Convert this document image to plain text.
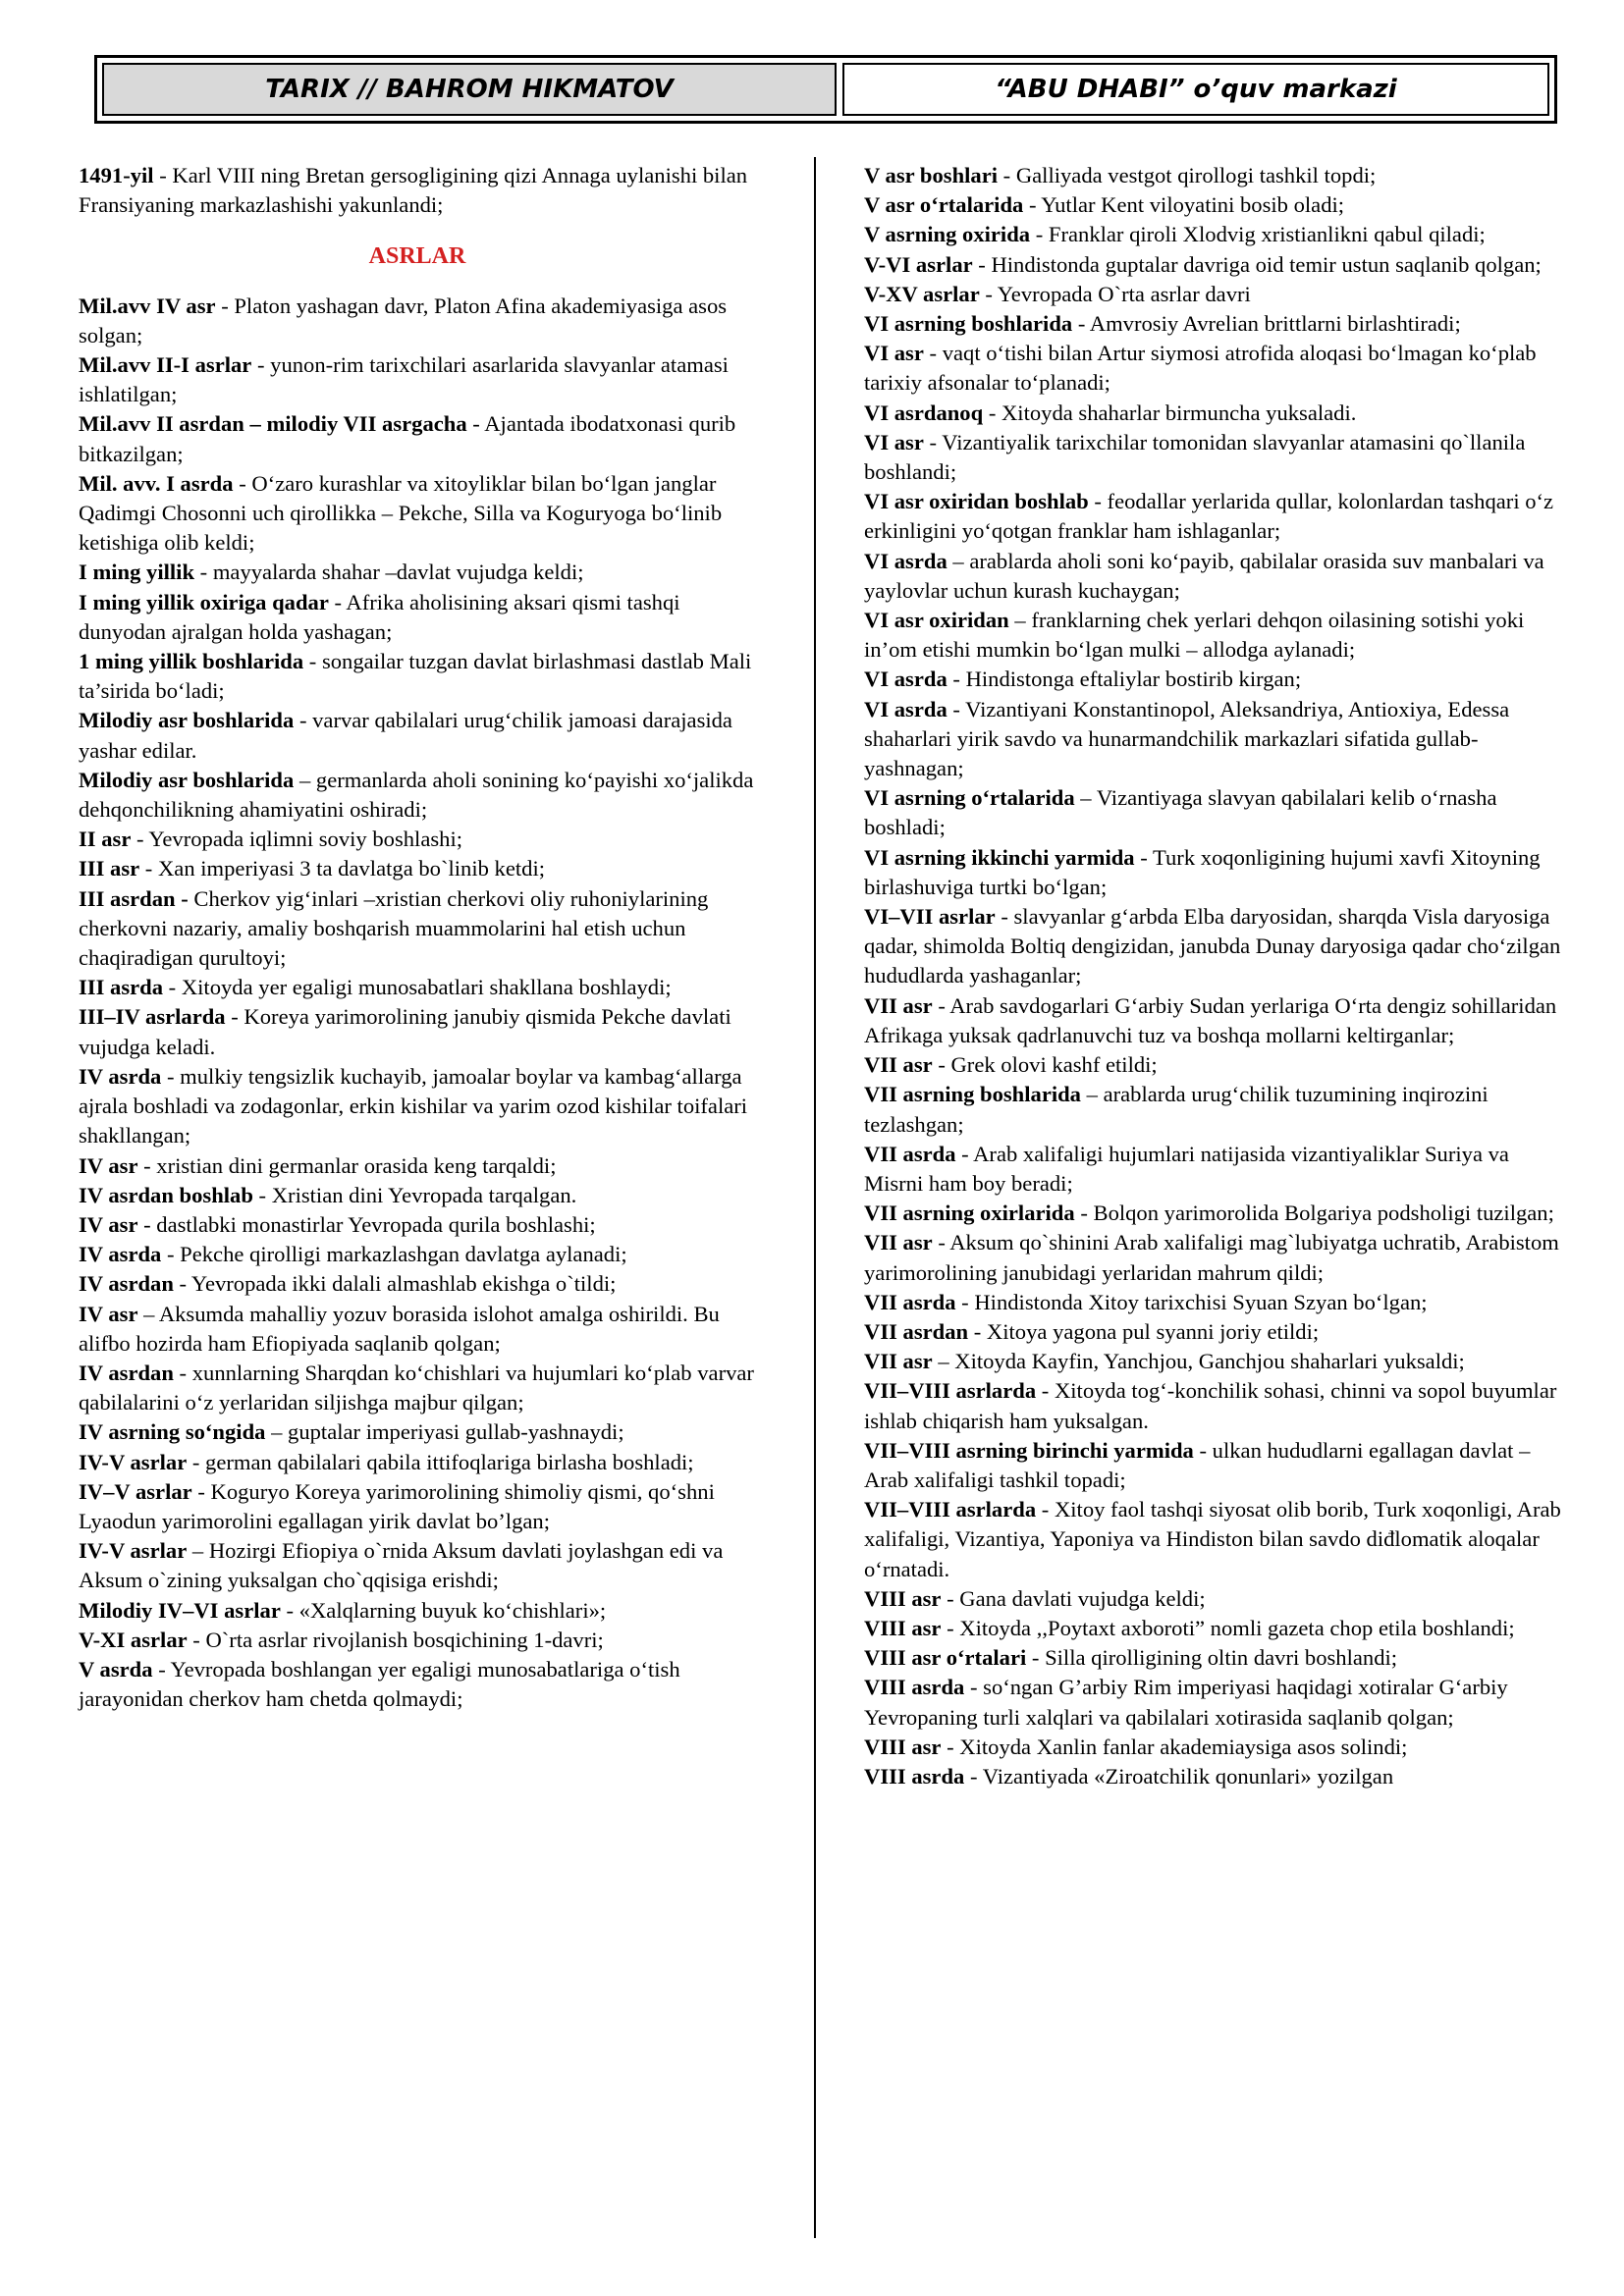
TARIX // BAHROM HIKMATOV	“ABU DHABI” o’quv markazi
1491-yil - Karl VIII ning Bretan gersogligining qizi Annaga uylanishi bilan Fransiyaning markazlashishi yakunlandi;
ASRLAR
Mil.avv IV asr - Platon yashagan davr, Platon Afina akademiyasiga asos solgan;
Mil.avv II-I asrlar - yunon-rim tarixchilari asarlarida slavyanlar atamasi ishlatilgan;
Mil.avv II asrdan – milodiy VII asrgacha - Ajantada ibodatxonasi qurib bitkazilgan;
Mil. avv. I asrda - O‘zaro kurashlar va xitoyliklar bilan bo‘lgan janglar Qadimgi Chosonni uch qirollikka – Pekche, Silla va Koguryoga bo‘linib ketishiga olib keldi;
I ming yillik - mayyalarda shahar –davlat vujudga keldi;
I ming yillik oxiriga qadar - Afrika aholisining aksari qismi tashqi dunyodan ajralgan holda yashagan;
1 ming yillik boshlarida - songailar tuzgan davlat birlashmasi dastlab Mali ta’sirida bo‘ladi;
Milodiy asr boshlarida - varvar qabilalari urug‘chilik jamoasi darajasida yashar edilar.
Milodiy asr boshlarida – germanlarda aholi sonining ko‘payishi xo‘jalikda dehqonchilikning ahamiyatini oshiradi;
II asr - Yevropada iqlimni soviy boshlashi;
III asr - Xan imperiyasi 3 ta davlatga bo`linib ketdi;
III asrdan - Cherkov yig‘inlari –xristian cherkovi oliy ruhoniylarining cherkovni nazariy, amaliy boshqarish muammolarini hal etish uchun chaqiradigan qurultoyi;
III asrda - Xitoyda yer egaligi munosabatlari shakllana boshlaydi;
III–IV asrlarda - Koreya yarimorolining janubiy qismida Pekche davlati vujudga keladi.
IV asrda - mulkiy tengsizlik kuchayib, jamoalar boylar va kambag‘allarga ajrala boshladi va zodagonlar, erkin kishilar va yarim ozod kishilar toifalari shakllangan;
IV asr - xristian dini germanlar orasida keng tarqaldi;
IV asrdan boshlab - Xristian dini Yevropada tarqalgan.
IV asr - dastlabki monastirlar Yevropada qurila boshlashi;
IV asrda - Pekche qirolligi markazlashgan davlatga aylanadi;
IV asrdan - Yevropada ikki dalali almashlab ekishga o`tildi;
IV asr – Aksumda mahalliy yozuv borasida islohot amalga oshirildi. Bu alifbo hozirda ham Efiopiyada saqlanib qolgan;
IV asrdan - xunnlarning Sharqdan ko‘chishlari va hujumlari ko‘plab varvar qabilalarini o‘z yerlaridan siljishga majbur qilgan;
IV asrning so‘ngida – guptalar imperiyasi gullab-yashnaydi;
IV-V asrlar - german qabilalari qabila ittifoqlariga birlasha boshladi;
IV–V asrlar - Koguryo Koreya yarimorolining shimoliy qismi, qo‘shni Lyaodun yarimorolini egallagan yirik davlat bo’lgan;
IV-V asrlar – Hozirgi Efiopiya o`rnida Aksum davlati joylashgan edi va Aksum o`zining yuksalgan cho`qqisiga erishdi;
Milodiy IV–VI asrlar - «Xalqlarning buyuk ko‘chishlari»;
V-XI asrlar - O`rta asrlar rivojlanish bosqichining 1-davri;
V asrda - Yevropada boshlangan yer egaligi munosabatlariga o‘tish jarayonidan cherkov ham chetda qolmaydi;
V asr boshlari - Galliyada vestgot qirollogi tashkil topdi;
V asr o‘rtalarida - Yutlar Kent viloyatini bosib oladi;
V asrning oxirida - Franklar qiroli Xlodvig xristianlikni qabul qiladi;
V-VI asrlar - Hindistonda guptalar davriga oid temir ustun saqlanib qolgan;
V-XV asrlar - Yevropada O`rta asrlar davri
VI asrning boshlarida - Amvrosiy Avrelian brittlarni birlashtiradi;
VI asr - vaqt o‘tishi bilan Artur siymosi atrofida aloqasi bo‘lmagan ko‘plab tarixiy afsonalar to‘planadi;
VI asrdanoq - Xitoyda shaharlar birmuncha yuksaladi.
VI asr - Vizantiyalik tarixchilar tomonidan slavyanlar atamasini qo`llanila boshlandi;
VI asr oxiridan boshlab - feodallar yerlarida qullar, kolonlardan tashqari o‘z erkinligini yo‘qotgan franklar ham ishlaganlar;
VI asrda – arablarda aholi soni ko‘payib, qabilalar orasida suv manbalari va yaylovlar uchun kurash kuchaygan;
VI asr oxiridan – franklarning chek yerlari dehqon oilasining sotishi yoki in’om etishi mumkin bo‘lgan mulki – allodga aylanadi;
VI asrda - Hindistonga eftaliylar bostirib kirgan;
VI asrda - Vizantiyani Konstantinopol, Aleksandriya, Antioxiya, Edessa shaharlari yirik savdo va hunarmandchilik markazlari sifatida gullab-yashnagan;
VI asrning o‘rtalarida – Vizantiyaga slavyan qabilalari kelib o‘rnasha boshladi;
VI asrning ikkinchi yarmida - Turk xoqonligining hujumi xavfi Xitoyning birlashuviga turtki bo‘lgan;
VI–VII asrlar - slavyanlar g‘arbda Elba daryosidan, sharqda Visla daryosiga qadar, shimolda Boltiq dengizidan, janubda Dunay daryosiga qadar cho‘zilgan hududlarda yashaganlar;
VII asr - Arab savdogarlari G‘arbiy Sudan yerlariga O‘rta dengiz sohillaridan Afrikaga yuksak qadrlanuvchi tuz va boshqa mollarni keltirganlar;
VII asr - Grek olovi kashf etildi;
VII asrning boshlarida – arablarda urug‘chilik tuzumining inqirozini tezlashgan;
VII asrda - Arab xalifaligi hujumlari natijasida vizantiyaliklar Suriya va Misrni ham boy beradi;
VII asrning oxirlarida - Bolqon yarimorolida Bolgariya podsholigi tuzilgan;
VII asr - Aksum qo`shinini Arab xalifaligi mag`lubiyatga uchratib, Arabistom yarimorolining janubidagi yerlaridan mahrum qildi;
VII asrda - Hindistonda Xitoy tarixchisi Syuan Szyan bo‘lgan;
VII asrdan - Xitoya yagona pul syanni joriy etildi;
VII asr – Xitoyda Kayfin, Yanchjou, Ganchjou shaharlari yuksaldi;
VII–VIII asrlarda - Xitoyda tog‘-konchilik sohasi, chinni va sopol buyumlar ishlab chiqarish ham yuksalgan.
VII–VIII asrning birinchi yarmida - ulkan hududlarni egallagan davlat – Arab xalifaligi tashkil topadi;
VII–VIII asrlarda - Xitoy faol tashqi siyosat olib borib, Turk xoqonligi, Arab xalifaligi, Vizantiya, Yaponiya va Hindiston bilan savdo diđlomatik aloqalar o‘rnatadi.
VIII asr - Gana davlati vujudga keldi;
VIII asr - Xitoyda ,,Poytaxt axboroti” nomli gazeta chop etila boshlandi;
VIII asr o‘rtalari - Silla qirolligining oltin davri boshlandi;
VIII asrda - so‘ngan G’arbiy Rim imperiyasi haqidagi xotiralar G‘arbiy Yevropaning turli xalqlari va qabilalari xotirasida saqlanib qolgan;
VIII asr - Xitoyda Xanlin fanlar akademiaysiga asos solindi;
VIII asrda - Vizantiyada «Ziroatchilik qonunlari» yozilgan
